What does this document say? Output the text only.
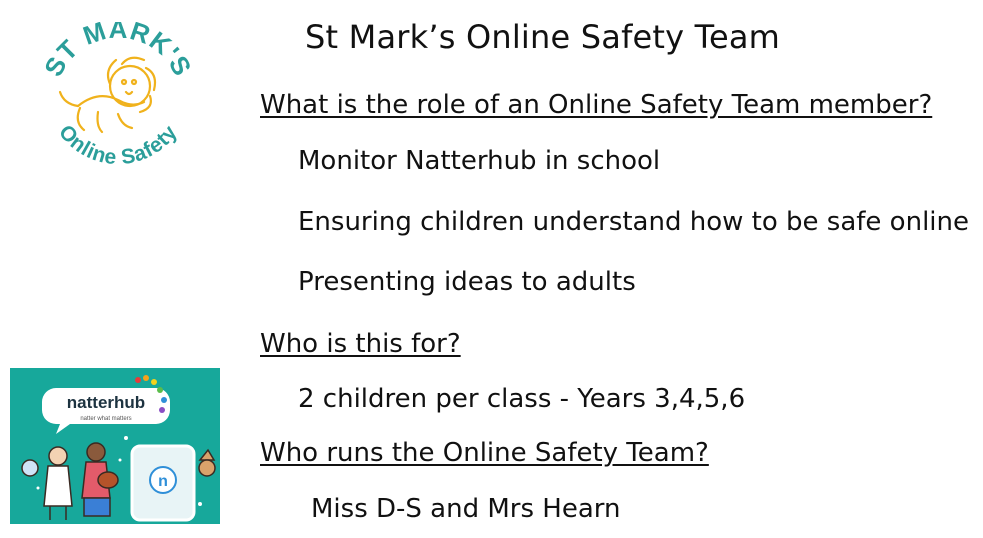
ST MARK'S
Online Safety
St Mark’s Online Safety Team
What is the role of an Online Safety Team member?
Monitor Natterhub in school
Ensuring children understand how to be safe online
Presenting ideas to adults
Who is this for?
2 children per class - Years 3,4,5,6
Who runs the Online Safety Team?
Miss D-S and Mrs Hearn
natterhub
natter what matters
n
